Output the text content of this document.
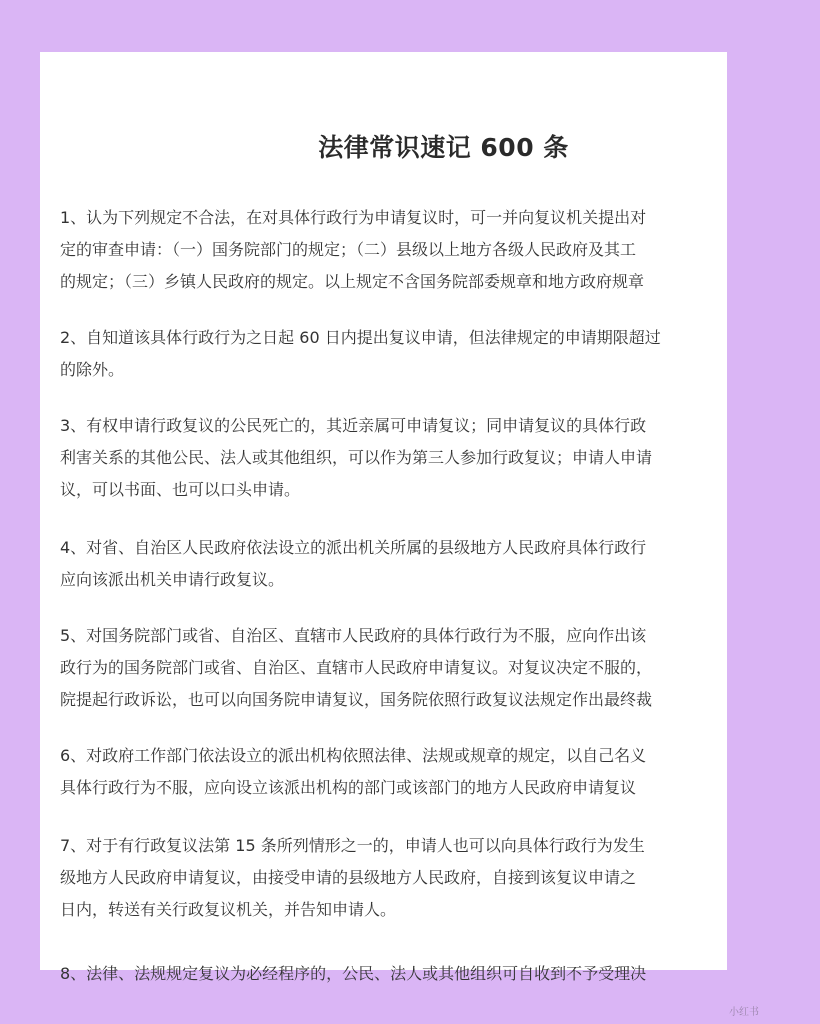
法律常识速记 600 条
1、认为下列规定不合法，在对具体行政行为申请复议时，可一并向复议机关提出对
定的审查申请：（一）国务院部门的规定；（二）县级以上地方各级人民政府及其工
的规定；（三）乡镇人民政府的规定。以上规定不含国务院部委规章和地方政府规章
2、自知道该具体行政行为之日起 60 日内提出复议申请，但法律规定的申请期限超过
的除外。
3、有权申请行政复议的公民死亡的，其近亲属可申请复议；同申请复议的具体行政
利害关系的其他公民、法人或其他组织，可以作为第三人参加行政复议；申请人申请
议，可以书面、也可以口头申请。
4、对省、自治区人民政府依法设立的派出机关所属的县级地方人民政府具体行政行
应向该派出机关申请行政复议。
5、对国务院部门或省、自治区、直辖市人民政府的具体行政行为不服，应向作出该
政行为的国务院部门或省、自治区、直辖市人民政府申请复议。对复议决定不服的，
院提起行政诉讼，也可以向国务院申请复议，国务院依照行政复议法规定作出最终裁
6、对政府工作部门依法设立的派出机构依照法律、法规或规章的规定，以自己名义
具体行政行为不服，应向设立该派出机构的部门或该部门的地方人民政府申请复议
7、对于有行政复议法第 15 条所列情形之一的，申请人也可以向具体行政行为发生
级地方人民政府申请复议，由接受申请的县级地方人民政府，自接到该复议申请之
日内，转送有关行政复议机关，并告知申请人。
8、法律、法规规定复议为必经程序的，公民、法人或其他组织可自收到不予受理决
小红书
